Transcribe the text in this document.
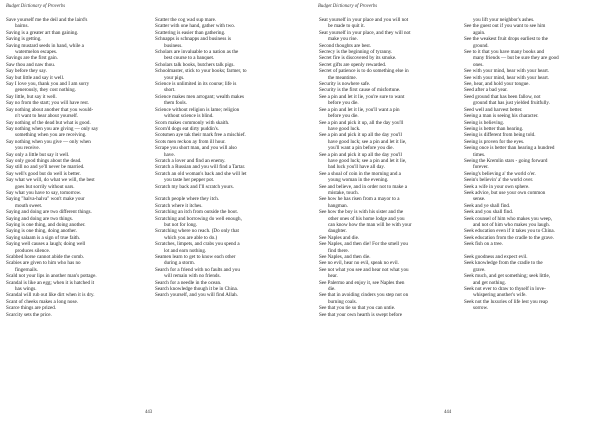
Budget Dictionary of Proverbs
Save yourself me the deil and the laird's
bairns.
Saving is a greater art than gaining.
Saving is getting.
Saving mustard seeds in hand, while a
watermelon escapes.
Savings are the first gain.
Saw thou and naw thou.
Say before they say.
Say but little and say it well.
Say I love you, thank you and I am sorry
generously, they cost nothing.
Say little, but say it well.
Say no from the start; you will have rest.
Say nothing about another that you would-
n't want to hear about yourself.
Say nothing of the dead but what is good.
Say nothing when you are giving — only say
something when you are receiving.
Say nothing when you give — only when
you receive.
Say only a little but say it well.
Say only good things about the dead.
Say still no and ye'll never be married.
Say well's good but do well is better.
Say what we will, do what we will, the best
goes but sorrily without oars.
Say what you have to say, tomorrow.
Saying "halva-halva" won't make your
mouth sweet.
Saying and doing are two different things.
Saying and doing are two things.
Saying is one thing, and doing another.
Saying is one thing, doing another.
Saying salaam is a sign of true faith.
Saying well causes a laugh; doing well
produces silence.
Scabbed horse cannot abide the comb.
Scabies are given to him who has no
fingernails.
Scald not your lips in another man's pottage.
Scandal is like an egg; when it is hatched it
has wings.
Scandal will rub out like dirt when it is dry.
Scant of cheeks makes a long nose.
Scarce things are prized.
Scarcity sets the price.
Scatter the cog wad sup mare.
Scatter with one hand, gather with two.
Scattering is easier than gathering.
Schnapps is schnapps and business is
business.
Scholars are invaluable to a nation as the
best course to a banquet.
Scholars talk books, butchers talk pigs.
Schoolmaster, stick to your books; farmer, to
your pigs.
Science is unlimited in its course; life is
short.
Science makes men arrogant; wealth makes
them fools.
Science without religion is lame; religion
without science is blind.
Scorn makes commonly with skaith.
Scorn'd dogs eat dirty puddin's.
Scotsmen aye tak their mark free a mischief.
Scots men reckon ay from ill hour.
Scrape you short man, and you will also
have.
Scratch a lover and find an enemy.
Scratch a Russian and you will find a Tartar.
Scratch an old woman's back and she will let
you taste her pepper pot.
Scratch my back and I'll scratch yours.

Scratch people where they itch.
Scratch where it itches.
Scratching an itch from outside the boot.
Scratching and borrowing do well enough,
but not for long.
Scratching where no reach. (Do only that
which you are able to do.)
Scratches, limpets, and crabs you spend a
lot and earn nothing.
Seamen learn to get to know each other
during a storm.
Search for a friend with no faults and you
will remain with no friends.
Search for a needle in the ocean.
Search knowledge though it be in China.
Search yourself, and you will find Allah.
443
Budget Dictionary of Proverbs
Seat yourself in your place and you will not
be made to quit it.
Seat yourself in your place, and they will not
make you rise.
Second thoughts are best.
Secrecy is the beginning of tyranny.
Secret fire is discovered by its smoke.
Secret gifts are openly rewarded.
Secret of patience is to do something else in
the meantime.
Security is nowhere safe.
Security is the first cause of misfortune.
See a pin and let it lie, you're sure to want
before you die.
See a pin and let it lie, you'll want a pin
before you die.
See a pin and pick it up, all the day you'll
have good luck.
See a pin and pick it up all the day you'll
have good luck; see a pin and let it lie,
you'll want a pin before you die.
See a pin and pick it up all the day you'll
have good luck; see a pin and let it lie,
bad luck you'll have all day.
See a shoal of coin in the morning and a
young woman in the evening.
See and believe, and in order not to make a
mistake, touch.
See how he has risen from a mayor to a
hangman.
See how the boy is with his sister and the
other ones of his home lodge and you
can know how the man will be with your
daughter.
See Naples and die.
See Naples, and then die! For the smell you
find there.
See Naples, and then die.
See no evil, hear no evil, speak no evil.
See not what you see and hear not what you
hear.
See Palermo and enjoy it, see Naples then
die.
See that in avoiding cinders you step not on
burning coals.
See that you tie so that you can untie.
See that your own hearth is swept before
you lift your neighbor's ashes.
See the guest out if you want to see him
again.
See the weakest fruit drops earliest to the
ground.
See to it that you have many books and
many friends — but be sure they are good
ones.
See with your mind, hear with your heart.
See with your mind, hear with your heart.
See, hear, and hold your tongue.
Seed after a bad year.
Seed ground that has been fallow, not
ground that has just yielded fruitfully.
Seed well and harvest better.
Seeing a man is seeing his character.
Seeing is believing.
Seeing is better than hearing.
Seeing is different from being told.
Seeing is proven for the eyes.
Seeing once is better than hearing a hundred
times.
Seeing the Kremlin stars - going forward
forever.
Seeing's believing a' the world o'er.
Seein's believin' a' the world over.
Seek a wife in your own sphere.
Seek advice, but use your own common
sense.
Seek and ye shall find.
Seek and you shall find.
Seek counsel of him who makes you weep,
and not of him who makes you laugh.
Seek education even if it takes you to China.
Seek education from the cradle to the grave.
Seek fish on a tree.

Seek goodness and expect evil.
Seek knowledge from the cradle to the
grave.
Seek much, and get something; seek little,
and get nothing.
Seek not ever to draw to thyself in love-
whispering another's wife.
Seek not the luxuries of life lest you reap
sorrow.
444
